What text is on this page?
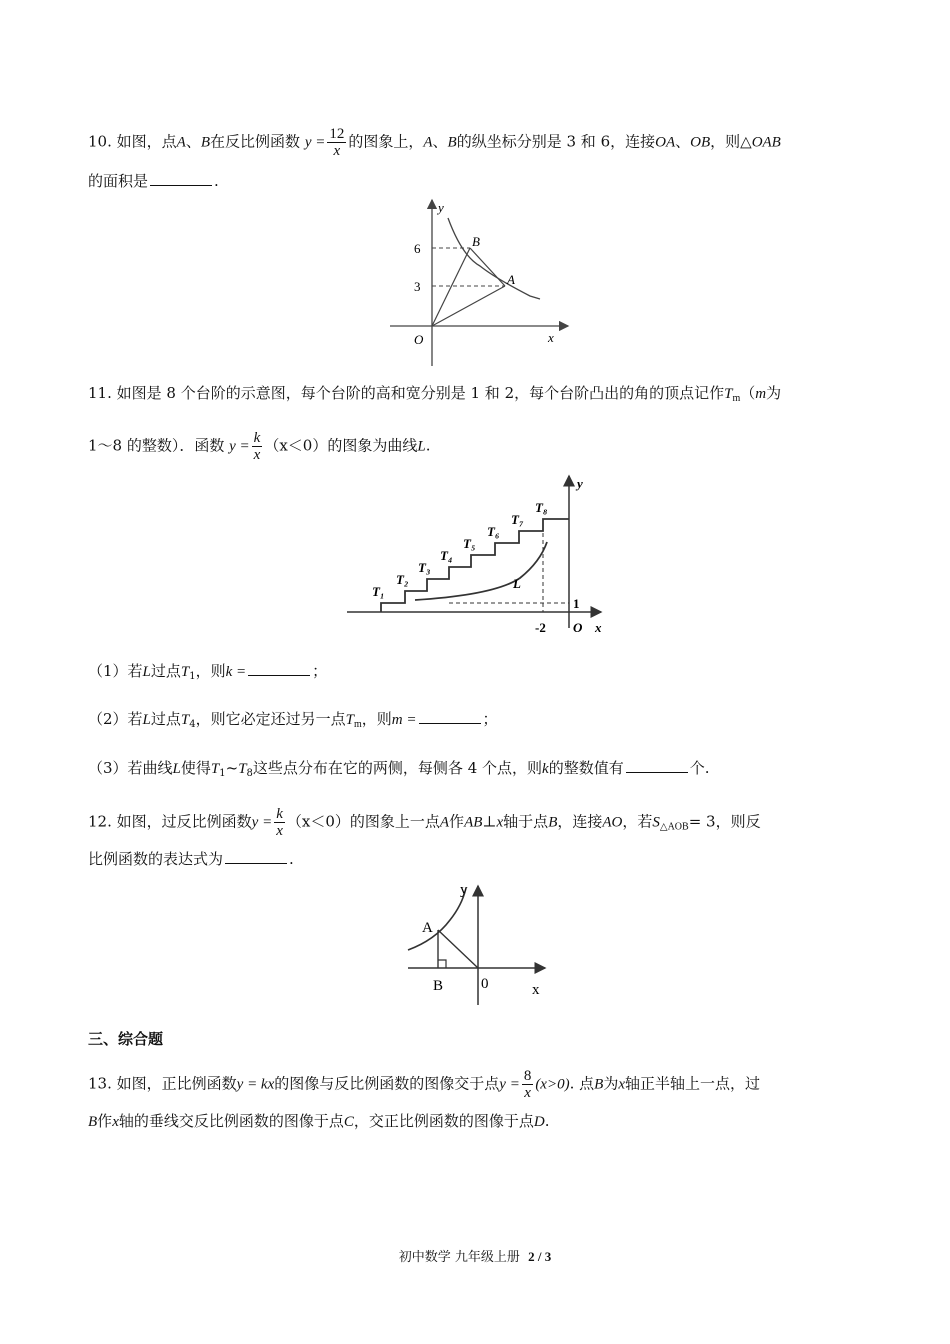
10. 如图，点A、B在反比例函数 $y = \frac{12}{x}$ 的图象上，A、B的纵坐标分别是 3 和 6，连接OA、OB，则△OAB
的面积是	.
y
x
O
6
3
B
A
11. 如图是 8 个台阶的示意图，每个台阶的高和宽分别是 1 和 2，每个台阶凸出的角的顶点记作$T_m(m$为
1～8 的整数）．函数 $y = \frac{k}{x} (x<0)$的图象为曲线L.
T₁
T₂
T₃
T₄
T₅
T₆
T₇
T₈
L
y
x
O
-2
1
（1）若L过点$T_1$，则k =	；
（2）若L过点$T_4$，则它必定还过另一点$T_m$，则m =	；
（3）若曲线L使得$T_1\sim T_8$这些点分布在它的两侧，每侧各 4 个点，则k的整数值有	个.
12. 如图，过反比例函数$y = \frac{k}{x} (x<0)$的图象上一点A作AB⊥x轴于点B，连接AO，若$S_{\triangle AOB}= 3$，则反
比例函数的表达式为	.
A
B	0
y
x
三、综合题
13. 如图，正比例函数y = kx的图像与反比例函数的图像交于点$y = \frac{8}{x} (x>0)$. 点B为x轴正半轴上一点，过
B作x轴的垂线交反比例函数的图像于点C，交正比例函数的图像于点D.
初中数学 九年级上册 2 / 3
